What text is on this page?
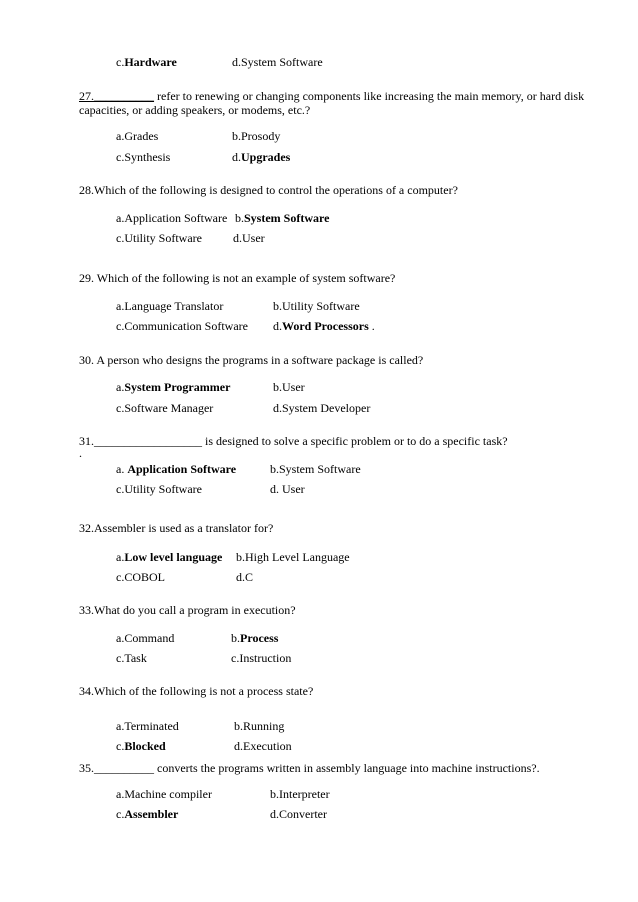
c.Hardware	d.System Software
27.__________ refer to renewing or changing components like increasing the main memory, or hard disk
capacities, or adding speakers, or modems, etc.?
a.Grades	b.Prosody
c.Synthesis	d.Upgrades
28.Which of the following is designed to control the operations of a computer?
a.Application Software b.System Software
c.Utility Software	d.User
29. Which of the following is not an example of system software?
a.Language Translator	b.Utility Software
c.Communication Software d.Word Processors .
30. A person who designs the programs in a software package is called?
a.System Programmer	b.User
c.Software Manager	d.System Developer
31.__________________ is designed to solve a specific problem or to do a specific task?
.
a. Application Software	b.System Software
c.Utility Software	d. User
32.Assembler is used as a translator for?
a.Low level language b.High Level Language
c.COBOL	d.C
33.What do you call a program in execution?
a.Command	b.Process
c.Task	c.Instruction
34.Which of the following is not a process state?
a.Terminated	b.Running
c.Blocked	d.Execution
35.__________ converts the programs written in assembly language into machine instructions?.
a.Machine compiler	b.Interpreter
c.Assembler	d.Converter
